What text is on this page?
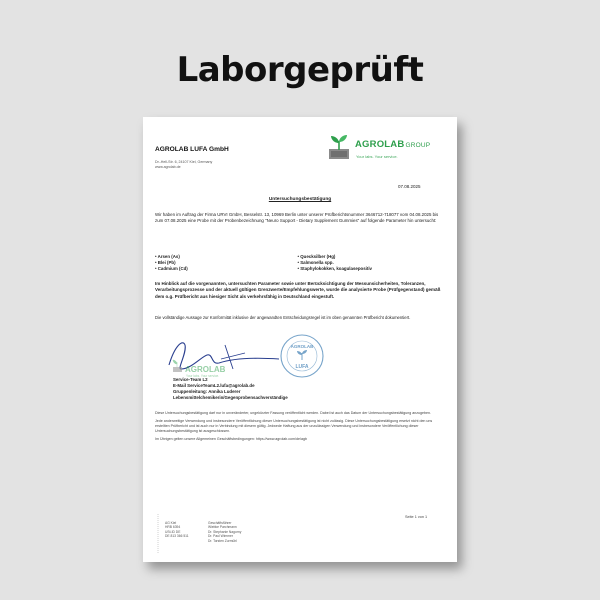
Laborgeprüft
AGROLAB LUFA GmbH
Dr.-Hell-Str. 6, 24107 Kiel, Germany
www.agrolab.de
AGROLABGROUP
Your labs. Your service.
07.08.2025
Untersuchungsbestätigung
Wir haben im Auftrag der Firma URVI GmbH, Besselstr. 13, 10969 Berlin unter unserer Prüfberichtsnummer 3646712-718077 vom 04.08.2025 bis zum 07.08.2025 eine Probe mit der Probenbezeichnung "Neuro Support - Dietary Supplement Gummies" auf folgende Parameter hin untersucht:
• Arsen (As)	• Quecksilber (Hg)
• Blei (Pb)	• Salmonella spp.
• Cadmium (Cd)	• Staphylokokken, koagulasepositiv
Im Hinblick auf die vorgenannten, untersuchten Parameter sowie unter Berücksichtigung der Messunsicherheiten, Toleranzen, Verarbeitungsprozesse und der aktuell gültigen Grenzwerte/Empfehlungswerte, wurde die analysierte Probe (Prüfgegenstand) gemäß dem o.g. Prüfbericht aus hiesiger Sicht als verkehrsfähig in Deutschland eingestuft.
Die vollständige Aussage zur Konformität inklusive der angewandten Entscheidungsregel ist im oben genannten Prüfbericht dokumentiert.
AGROLAB
Your labs. Your service.
AGROLAB
LUFA
Service-Team L2
E-Mail ServiceTeamL2.lufa@agrolab.de
Gruppenleitung: Annika Luderer
Lebensmittelchemikerin/Gegenprobensachverständige

Diese Untersuchungsbestätigung darf nur in unveränderter, ungekürzter Fassung veröffentlicht werden. Dabei ist auch das Datum der Untersuchungsbestätigung anzugeben.

Jede anderweitige Verwendung und insbesondere Veröffentlichung dieser Untersuchungsbestätigung ist nicht zulässig. Diese Untersuchungsbestätigung ersetzt nicht den uns erstellten Prüfbericht und ist auch nur in Verbindung mit diesem gültig. Jedwede Haftung aus der unzulässigen Verwendung und insbesondere Veröffentlichung dieser Untersuchungsbestätigung ist ausgeschlossen.

Im Übrigen gelten unsere Allgemeinen Geschäftsbedingungen: https://www.agrolab.com/de/agb

AG Kiel
HRB 6394
USt-ID DE
DE 813 366 511
Geschäftsführer
Wiebke Parchmann
Dr. Stephanie Nagorny
Dr. Paul Wimmer
Dr. Torsten Zurmühl
Seite 1 von 1
